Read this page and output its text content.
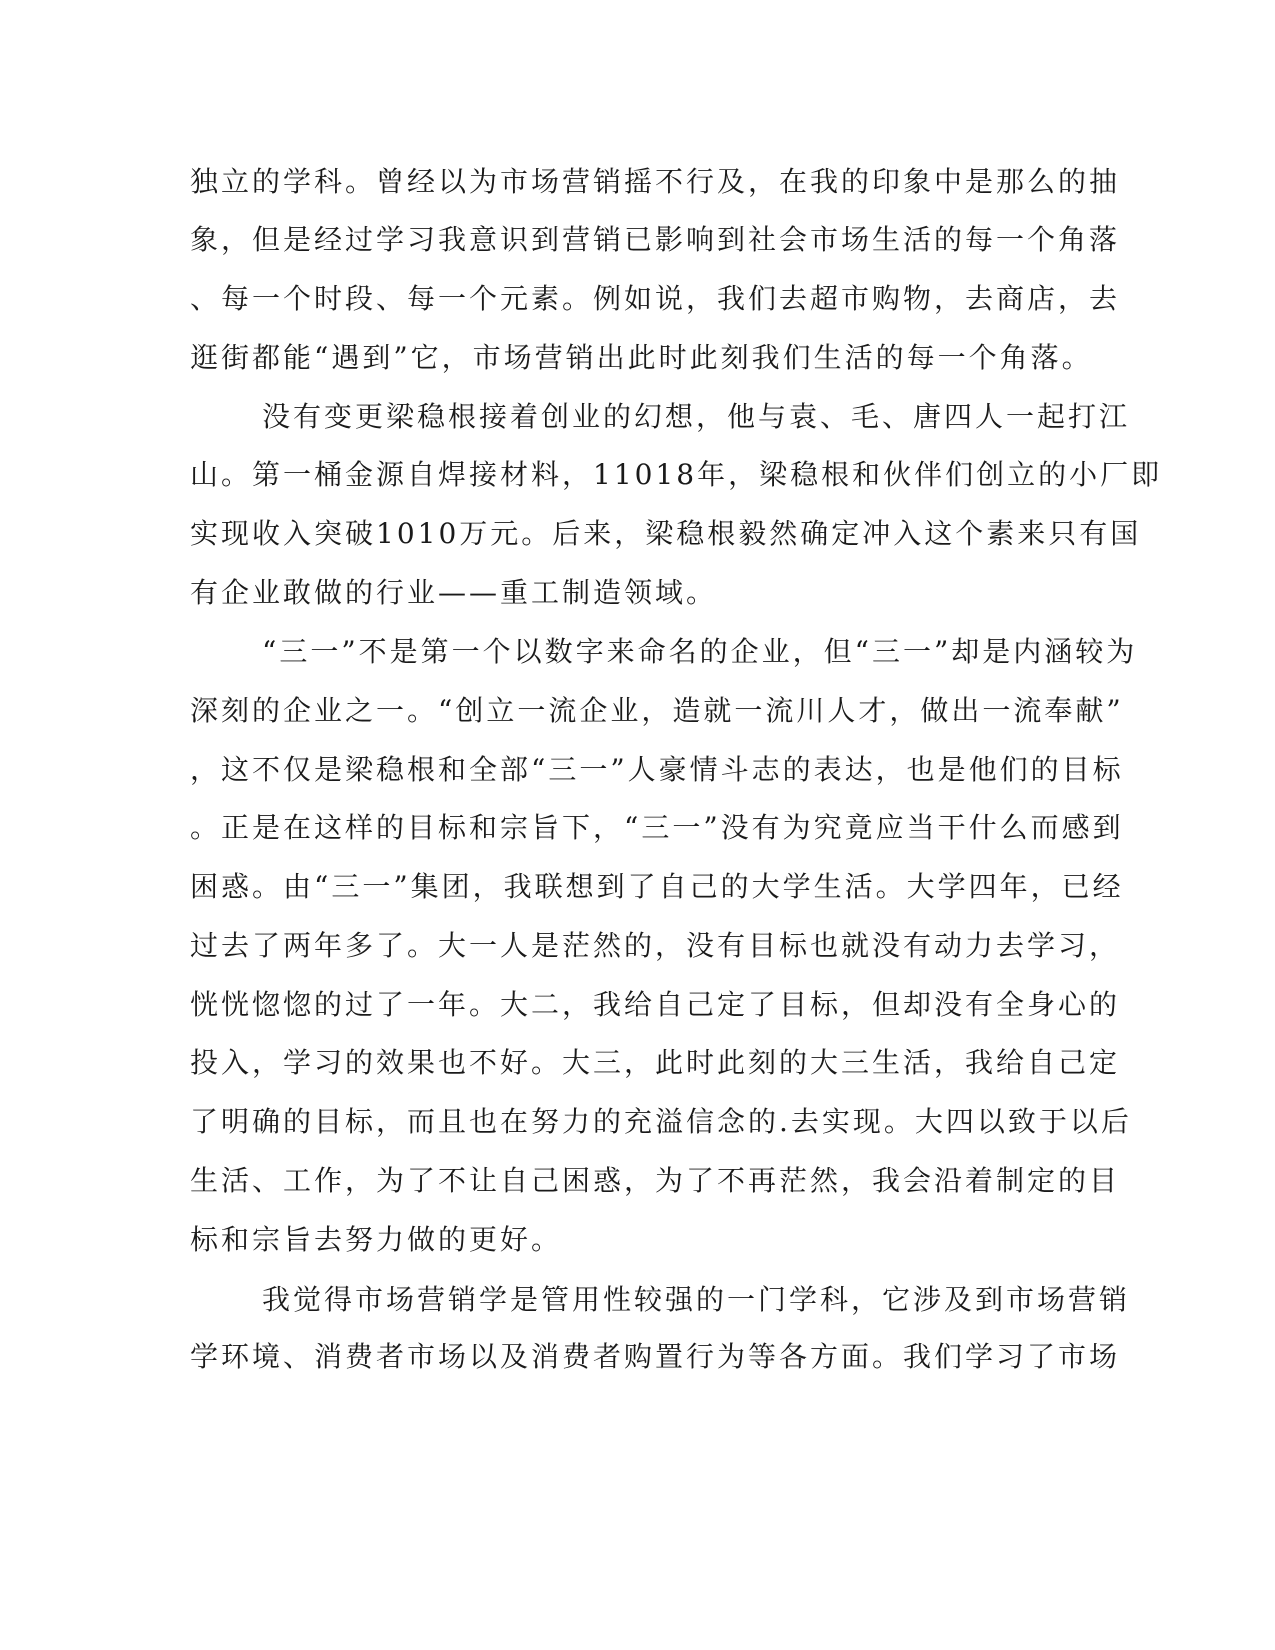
独立的学科。曾经以为市场营销摇不行及，在我的印象中是那么的抽
象，但是经过学习我意识到营销已影响到社会市场生活的每一个角落
、每一个时段、每一个元素。例如说，我们去超市购物，去商店，去
逛街都能“遇到”它，市场营销出此时此刻我们生活的每一个角落。
没有变更梁稳根接着创业的幻想，他与袁、毛、唐四人一起打江
山。第一桶金源自焊接材料，11018年，梁稳根和伙伴们创立的小厂即
实现收入突破1010万元。后来，梁稳根毅然确定冲入这个素来只有国
有企业敢做的行业——重工制造领域。
“三一”不是第一个以数字来命名的企业，但“三一”却是内涵较为
深刻的企业之一。“创立一流企业，造就一流川人才，做出一流奉献”
，这不仅是梁稳根和全部“三一”人豪情斗志的表达，也是他们的目标
。正是在这样的目标和宗旨下，“三一”没有为究竟应当干什么而感到
困惑。由“三一”集团，我联想到了自己的大学生活。大学四年，已经
过去了两年多了。大一人是茫然的，没有目标也就没有动力去学习，
恍恍惚惚的过了一年。大二，我给自己定了目标，但却没有全身心的
投入，学习的效果也不好。大三，此时此刻的大三生活，我给自己定
了明确的目标，而且也在努力的充溢信念的.去实现。大四以致于以后
生活、工作，为了不让自己困惑，为了不再茫然，我会沿着制定的目
标和宗旨去努力做的更好。
我觉得市场营销学是管用性较强的一门学科，它涉及到市场营销
学环境、消费者市场以及消费者购置行为等各方面。我们学习了市场
